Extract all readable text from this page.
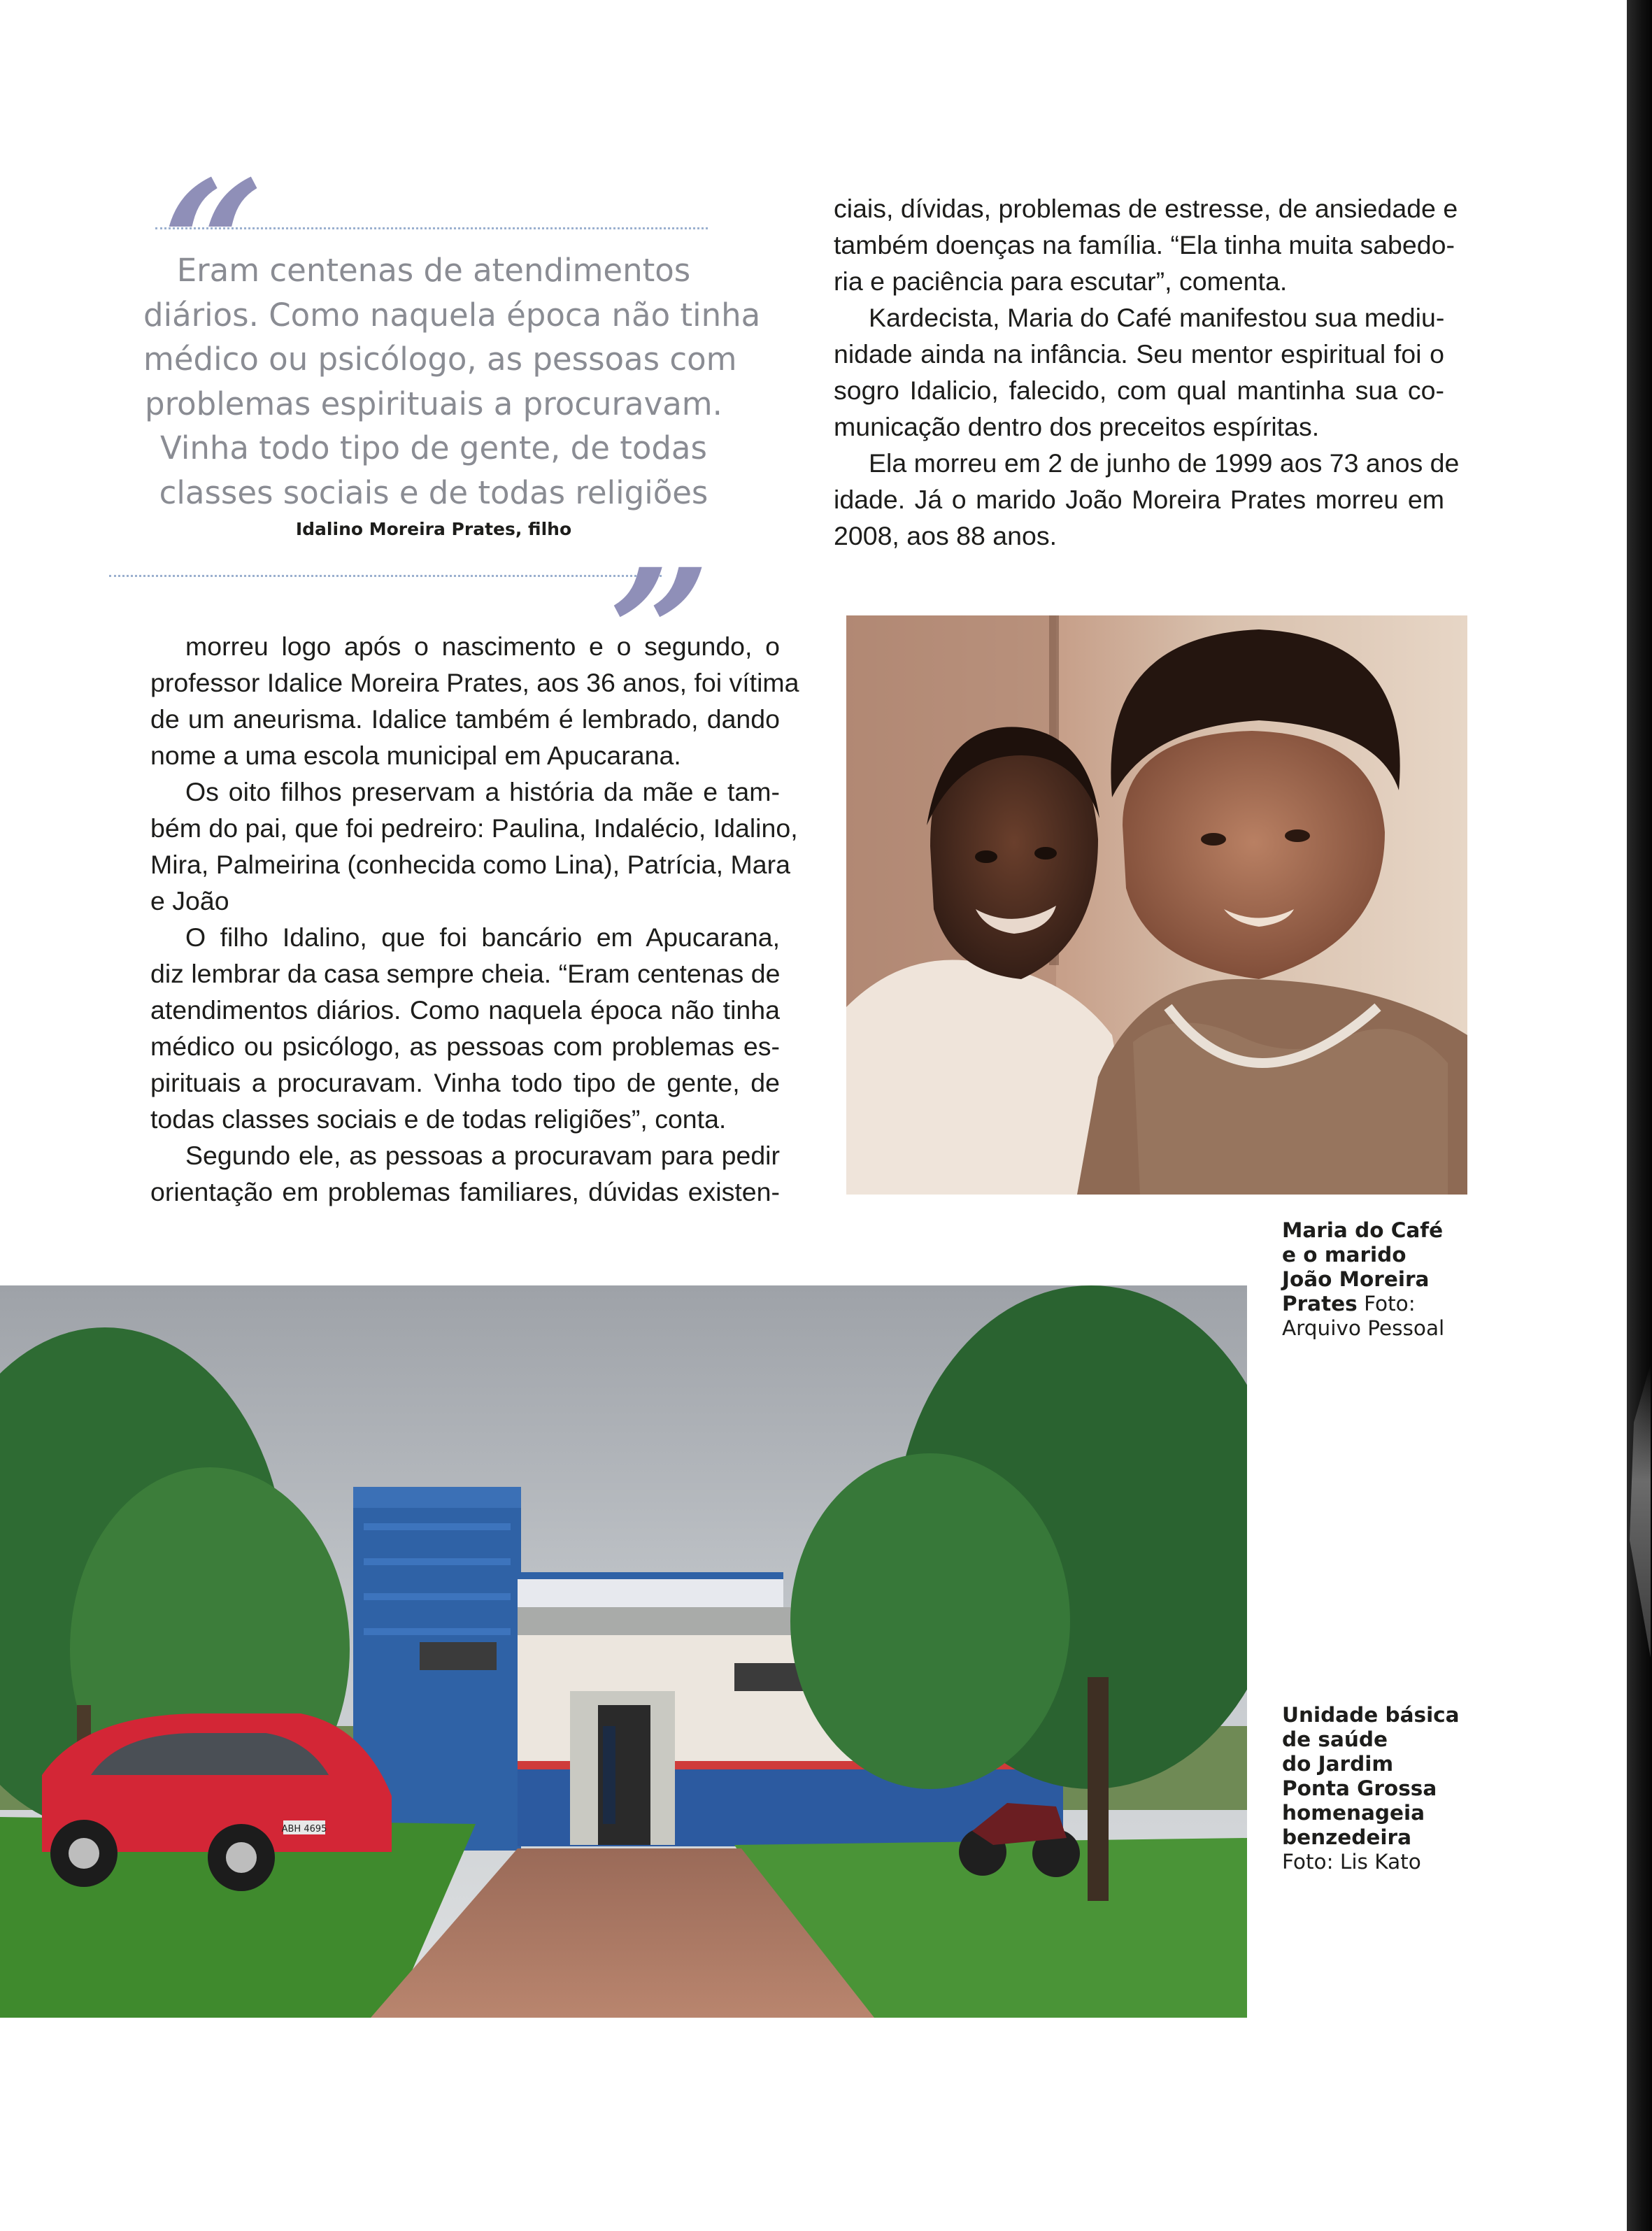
“
Eram centenas de atendimentos
diários. Como naquela época não tinha
médico ou psicólogo, as pessoas com
problemas espirituais a procuravam.
Vinha todo tipo de gente, de todas
classes sociais e de todas religiões
Idalino Moreira Prates, filho
”

ciais, dívidas, problemas de estresse, de ansiedade e
também doenças na família. “Ela tinha muita sabedo-
ria e paciência para escutar”, comenta.

Kardecista, Maria do Café manifestou sua mediu-
nidade ainda na infância. Seu mentor espiritual foi o
sogro Idalicio, falecido, com qual mantinha sua co-
municação dentro dos preceitos espíritas.

Ela morreu em 2 de junho de 1999 aos 73 anos de
idade. Já o marido João Moreira Prates morreu em
2008, aos 88 anos.

morreu logo após o nascimento e o segundo, o
professor Idalice Moreira Prates, aos 36 anos, foi vítima
de um aneurisma. Idalice também é lembrado, dando
nome a uma escola municipal em Apucarana.

Os oito filhos preservam a história da mãe e tam-
bém do pai, que foi pedreiro: Paulina, Indalécio, Idalino,
Mira, Palmeirina (conhecida como Lina), Patrícia, Mara
e João

O filho Idalino, que foi bancário em Apucarana,
diz lembrar da casa sempre cheia. “Eram centenas de
atendimentos diários. Como naquela época não tinha
médico ou psicólogo, as pessoas com problemas es-
pirituais a procuravam. Vinha todo tipo de gente, de
todas classes sociais e de todas religiões”, conta.

Segundo ele, as pessoas a procuravam para pedir
orientação em problemas familiares, dúvidas existen-

ABH 4695
Maria do Café
e o marido
João Moreira
Prates Foto:
Arquivo Pessoal
Unidade básica
de saúde
do Jardim
Ponta Grossa
homenageia
benzedeira
Foto: Lis Kato
